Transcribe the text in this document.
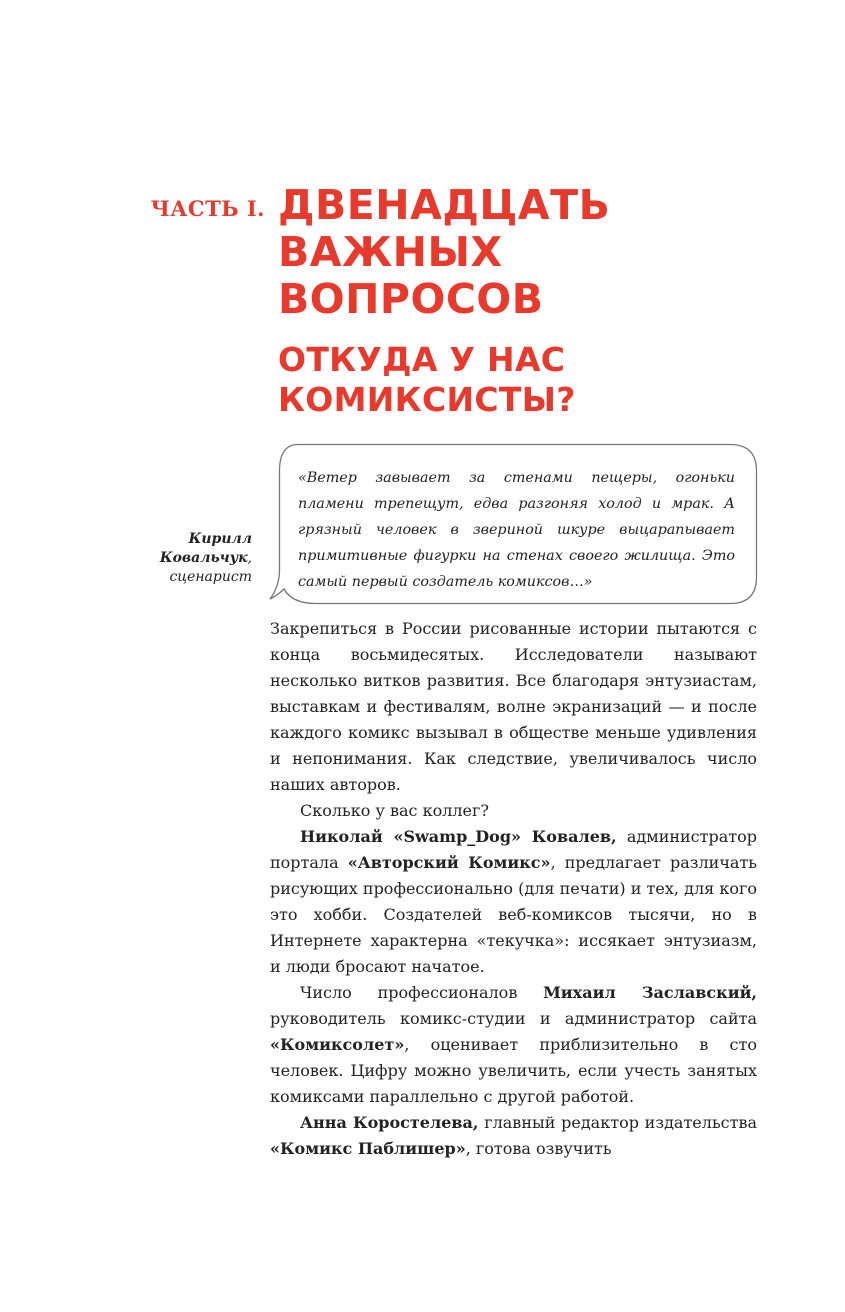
ЧАСТЬ I. ДВЕНАДЦАТЬ
ВАЖНЫХ
ВОПРОСОВ
ОТКУДА У НАС
КОМИКСИСТЫ?
Кирилл
Ковальчук,
сценарист

«Ветер завывает за стенами пещеры, огоньки пламени трепещут, едва разгоняя холод и мрак. А грязный человек в звериной шкуре выцарапывает примитивные фигурки на стенах своего жилища. Это самый первый создатель комиксов…»

Закрепиться в России рисованные истории пытаются с конца восьмидесятых. Исследователи называют несколько витков развития. Все благодаря энтузиастам, выставкам и фестивалям, волне экранизаций — и после каждого комикс вызывал в обществе меньше удивления и непонимания. Как следствие, увеличивалось число наших авторов.

Сколько у вас коллег?

Николай «Swamp_Dog» Ковалев, администратор портала «Авторский Комикс», предлагает различать рисующих профессионально (для печати) и тех, для кого это хобби. Создателей веб-комиксов тысячи, но в Интернете характерна «текучка»: иссякает энтузиазм, и люди бросают начатое.

Число профессионалов Михаил Заславский, руководитель комикс-студии и администратор сайта «Комиксолет», оценивает приблизительно в сто человек. Цифру можно увеличить, если учесть занятых комиксами параллельно с другой работой.

Анна Коростелева, главный редактор издательства «Комикс Паблишер», готова озвучить
